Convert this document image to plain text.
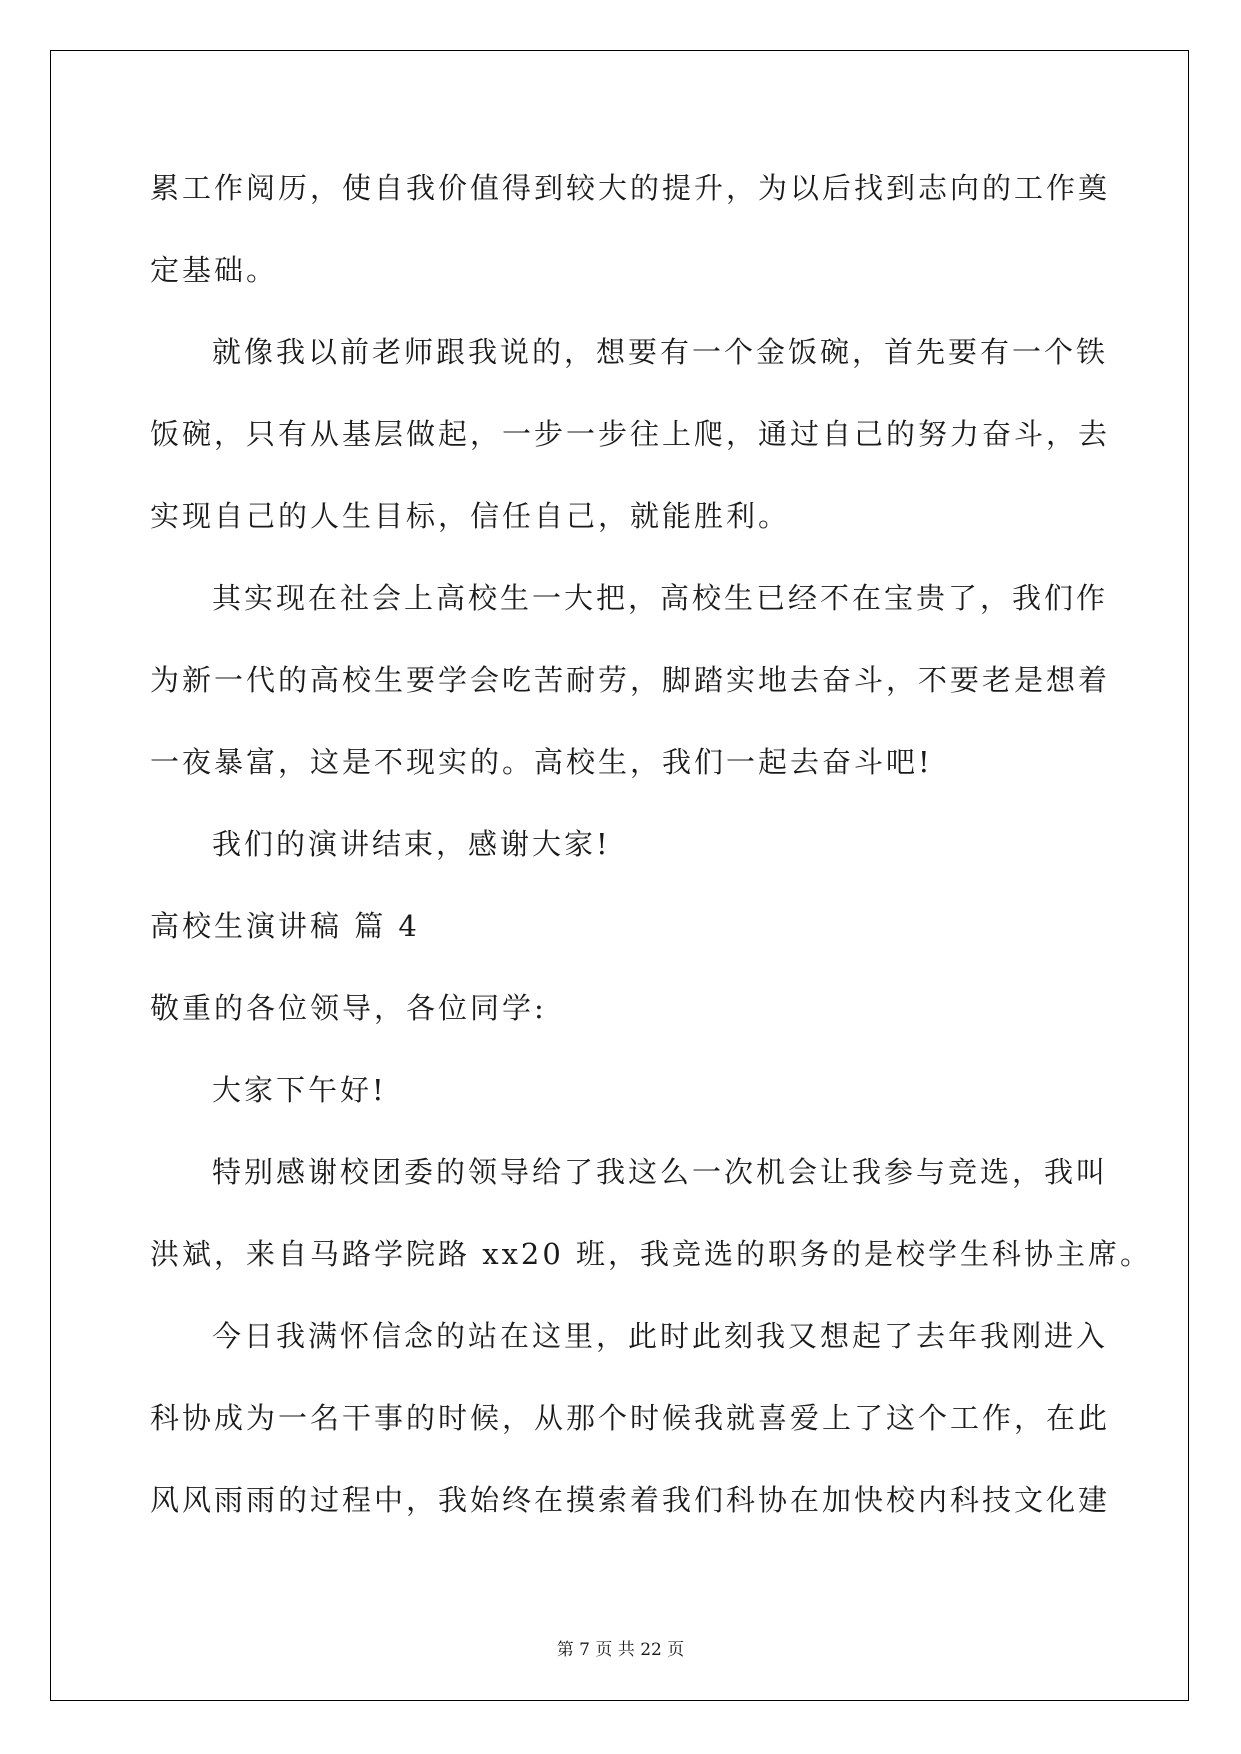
累工作阅历，使自我价值得到较大的提升，为以后找到志向的工作奠
定基础。
就像我以前老师跟我说的，想要有一个金饭碗，首先要有一个铁
饭碗，只有从基层做起，一步一步往上爬，通过自己的努力奋斗，去
实现自己的人生目标，信任自己，就能胜利。
其实现在社会上高校生一大把，高校生已经不在宝贵了，我们作
为新一代的高校生要学会吃苦耐劳，脚踏实地去奋斗，不要老是想着
一夜暴富，这是不现实的。高校生，我们一起去奋斗吧!
我们的演讲结束，感谢大家!
高校生演讲稿 篇 4
敬重的各位领导，各位同学:
大家下午好!
特别感谢校团委的领导给了我这么一次机会让我参与竞选，我叫
洪斌，来自马路学院路 xx20 班，我竞选的职务的是校学生科协主席。
今日我满怀信念的站在这里，此时此刻我又想起了去年我刚进入
科协成为一名干事的时候，从那个时候我就喜爱上了这个工作，在此
风风雨雨的过程中，我始终在摸索着我们科协在加快校内科技文化建
第 7 页 共 22 页
